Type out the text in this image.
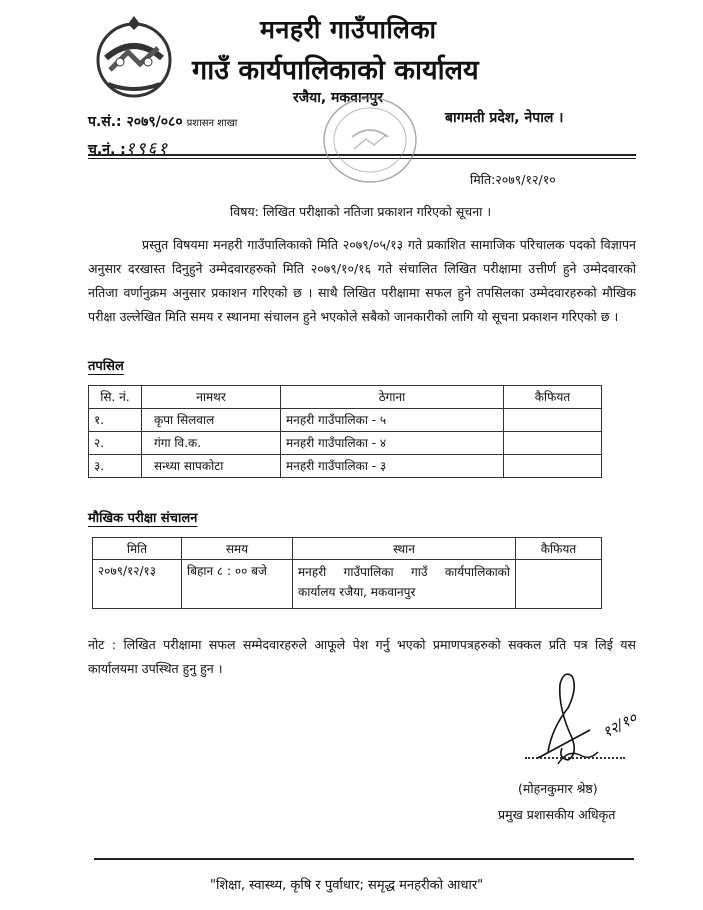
मनहरी गाउँपालिका
गाउँ कार्यपालिकाको कार्यालय
रजैया, मकवानपुर
बागमती प्रदेश, नेपाल ।
प.सं.: २०७९/०८० प्रशासन शाखा
च.नं. :१९६१
मिति:२०७९/१२/१०
विषय: लिखित परीक्षाको नतिजा प्रकाशन गरिएको सूचना ।
प्रस्तुत विषयमा मनहरी गाउँपालिकाको मिति २०७९/०५/१३ गते प्रकाशित सामाजिक परिचालक पदको विज्ञापन अनुसार दरखास्त दिनुहुने उम्मेदवारहरुको मिति २०७९/१०/१६ गते संचालित लिखित परीक्षामा उत्तीर्ण हुने उम्मेदवारको नतिजा वर्णानुक्रम अनुसार प्रकाशन गरिएको छ । साथै लिखित परीक्षामा सफल हुने तपसिलका उम्मेदवारहरुको मौखिक परीक्षा उल्लेखित मिति समय र स्थानमा संचालन हुने भएकोले सबैको जानकारीको लागि यो सूचना प्रकाशन गरिएको छ ।
तपसिल
सि. नं.	नामथर	ठेगाना	कैफियत
१.	कृपा सिलवाल	मनहरी गाउँपालिका - ५	
२.	गंगा वि.क.	मनहरी गाउँपालिका - ४	
३.	सन्ध्या सापकोटा	मनहरी गाउँपालिका - ३	
मौखिक परीक्षा संचालन
मिति	समय	स्थान	कैफियत
२०७९/१२/१३	बिहान ८ : ०० बजे	मनहरी गाउँपालिका गाउँ कार्यपालिकाको कार्यालय रजैया, मकवानपुर	
नोट : लिखित परीक्षामा सफल सम्मेदवारहरुले आफूले पेश गर्नु भएको प्रमाणपत्रहरुको सक्कल प्रति पत्र लिई यस कार्यालयमा उपस्थित हुनु हुन ।
१२/१०
(मोहनकुमार श्रेष्ठ)
प्रमुख प्रशासकीय अधिकृत
"शिक्षा, स्वास्थ्य, कृषि र पुर्वाधार; समृद्ध मनहरीको आधार"
